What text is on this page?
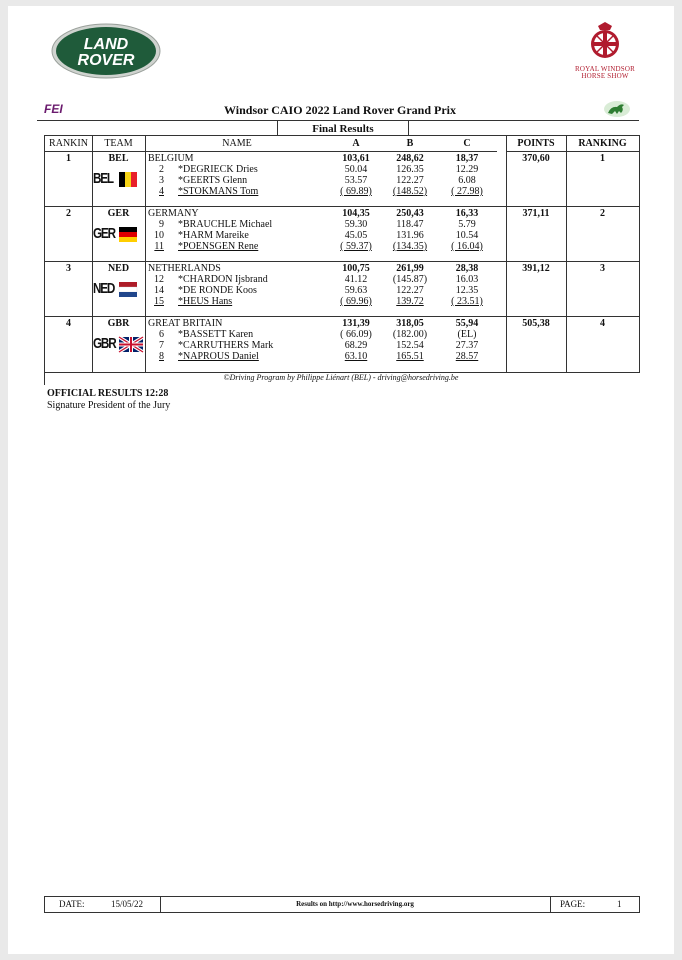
LAND
ROVER	ROYAL WINDSOR
HORSE SHOW
FEI	Windsor CAIO 2022 Land Rover Grand Prix
Final Results
RANKIN	TEAM	NAME	A	B	C	POINTS	RANKING
1	BEL	BELGIUM	103,61	248,62	18,37	370,60	1
BEL
2	*DEGRIECK Dries	50.04	126.35	12.29
3	*GEERTS Glenn	53.57	122.27	6.08
4	*STOKMANS Tom	( 69.89)	(148.52)	( 27.98)
2	GER	GERMANY	104,35	250,43	16,33	371,11	2
GER
9	*BRAUCHLE Michael	59.30	118.47	5.79
10	*HARM Mareike	45.05	131.96	10.54
11	*POENSGEN Rene	( 59.37)	(134.35)	( 16.04)
3	NED	NETHERLANDS	100,75	261,99	28,38	391,12	3
NED
12	*CHARDON Ijsbrand	41.12	(145.87)	16.03
14	*DE RONDE Koos	59.63	122.27	12.35
15	*HEUS Hans	( 69.96)	139.72	( 23.51)
4	GBR	GREAT BRITAIN	131,39	318,05	55,94	505,38	4
GBR
6	*BASSETT Karen	( 66.09)	(182.00)	(EL)
7	*CARRUTHERS Mark	68.29	152.54	27.37
8	*NAPROUS Daniel	63.10	165.51	28.57
©Driving Program by Philippe Liénart (BEL) - driving@horsedriving.be
OFFICIAL RESULTS 12:28
Signature President of the Jury
DATE:	15/05/22	Results on http://www.horsedriving.org	PAGE:	1
